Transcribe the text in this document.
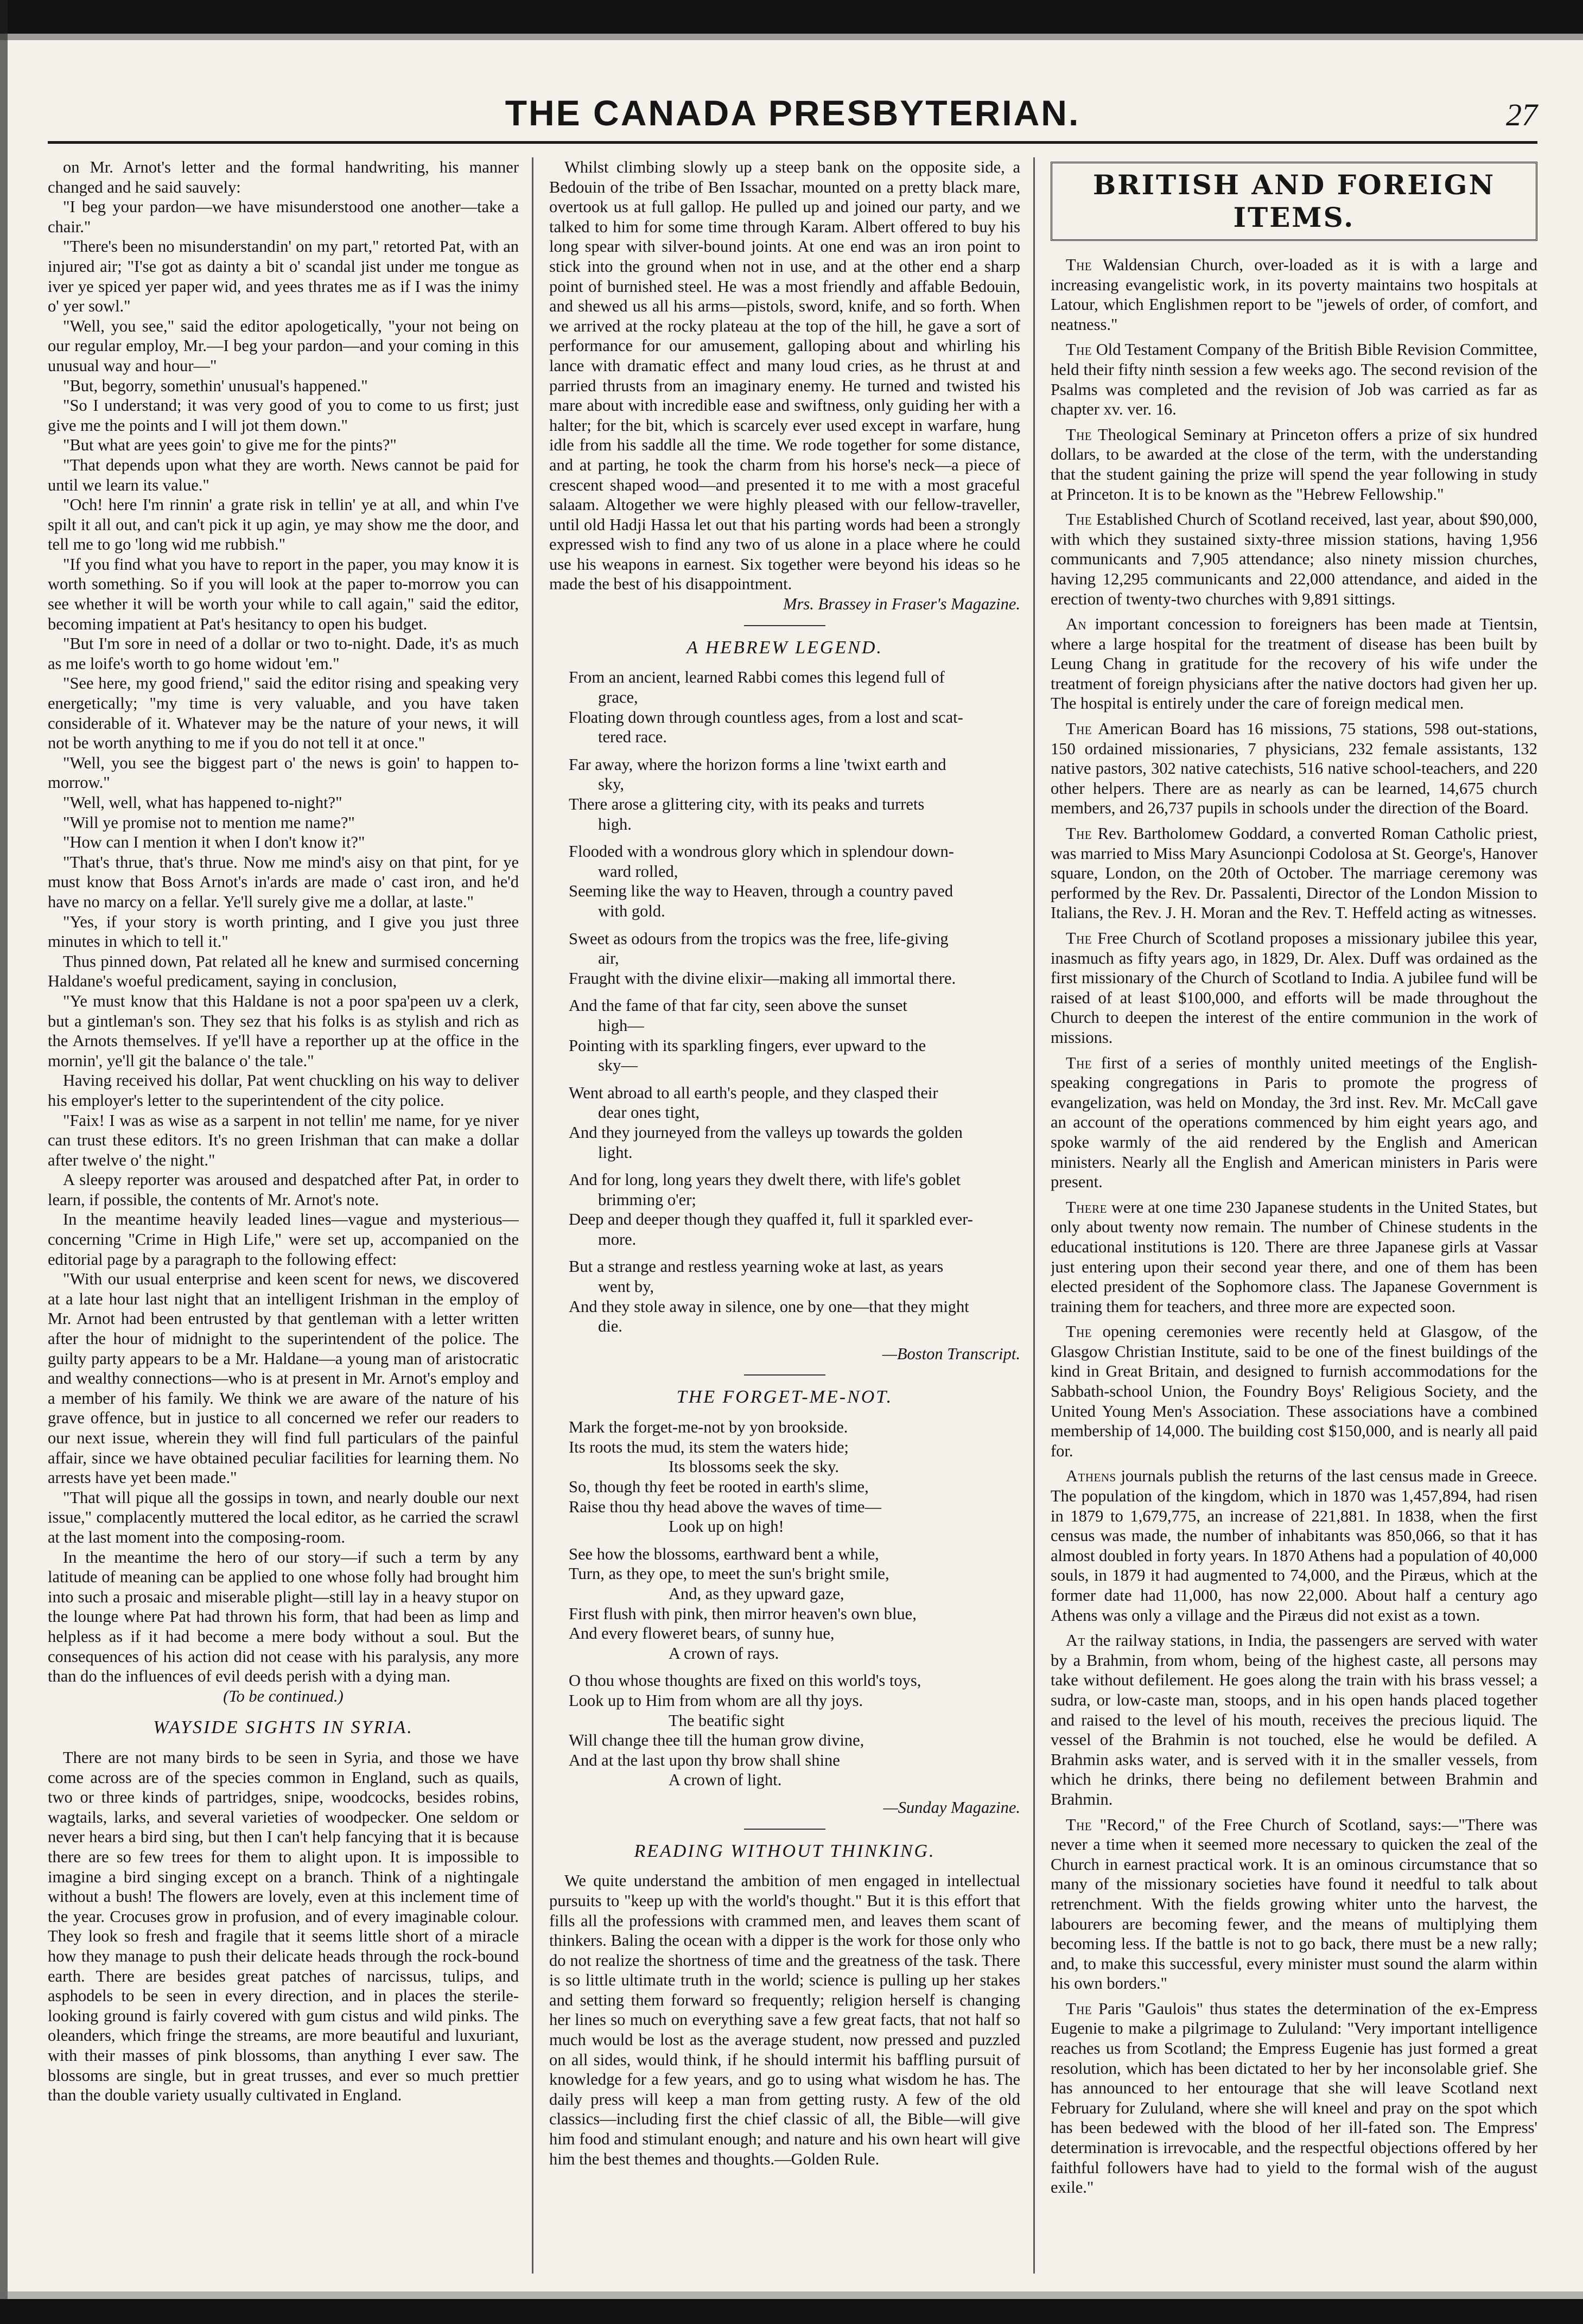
THE CANADA PRESBYTERIAN.	27

on Mr. Arnot's letter and the formal handwriting, his manner changed and he said sauvely:

"I beg your pardon—we have misunderstood one another—take a chair."

"There's been no misunderstandin' on my part," retorted Pat, with an injured air; "I'se got as dainty a bit o' scandal jist under me tongue as iver ye spiced yer paper wid, and yees thrates me as if I was the inimy o' yer sowl."

"Well, you see," said the editor apologetically, "your not being on our regular employ, Mr.—I beg your pardon—and your coming in this unusual way and hour—"

"But, begorry, somethin' unusual's happened."

"So I understand; it was very good of you to come to us first; just give me the points and I will jot them down."

"But what are yees goin' to give me for the pints?"

"That depends upon what they are worth. News cannot be paid for until we learn its value."

"Och! here I'm rinnin' a grate risk in tellin' ye at all, and whin I've spilt it all out, and can't pick it up agin, ye may show me the door, and tell me to go 'long wid me rubbish."

"If you find what you have to report in the paper, you may know it is worth something. So if you will look at the paper to-morrow you can see whether it will be worth your while to call again," said the editor, becoming impatient at Pat's hesitancy to open his budget.

"But I'm sore in need of a dollar or two to-night. Dade, it's as much as me loife's worth to go home widout 'em."

"See here, my good friend," said the editor rising and speaking very energetically; "my time is very valuable, and you have taken considerable of it. Whatever may be the nature of your news, it will not be worth anything to me if you do not tell it at once."

"Well, you see the biggest part o' the news is goin' to happen to-morrow."

"Well, well, what has happened to-night?"

"Will ye promise not to mention me name?"

"How can I mention it when I don't know it?"

"That's thrue, that's thrue. Now me mind's aisy on that pint, for ye must know that Boss Arnot's in'ards are made o' cast iron, and he'd have no marcy on a fellar. Ye'll surely give me a dollar, at laste."

"Yes, if your story is worth printing, and I give you just three minutes in which to tell it."

Thus pinned down, Pat related all he knew and surmised concerning Haldane's woeful predicament, saying in conclusion,

"Ye must know that this Haldane is not a poor spa'peen uv a clerk, but a gintleman's son. They sez that his folks is as stylish and rich as the Arnots themselves. If ye'll have a reporther up at the office in the mornin', ye'll git the balance o' the tale."

Having received his dollar, Pat went chuckling on his way to deliver his employer's letter to the superintendent of the city police.

"Faix! I was as wise as a sarpent in not tellin' me name, for ye niver can trust these editors. It's no green Irishman that can make a dollar after twelve o' the night."

A sleepy reporter was aroused and despatched after Pat, in order to learn, if possible, the contents of Mr. Arnot's note.

In the meantime heavily leaded lines—vague and mysterious—concerning "Crime in High Life," were set up, accompanied on the editorial page by a paragraph to the following effect:

"With our usual enterprise and keen scent for news, we discovered at a late hour last night that an intelligent Irishman in the employ of Mr. Arnot had been entrusted by that gentleman with a letter written after the hour of midnight to the superintendent of the police. The guilty party appears to be a Mr. Haldane—a young man of aristocratic and wealthy connections—who is at present in Mr. Arnot's employ and a member of his family. We think we are aware of the nature of his grave offence, but in justice to all concerned we refer our readers to our next issue, wherein they will find full particulars of the painful affair, since we have obtained peculiar facilities for learning them. No arrests have yet been made."

"That will pique all the gossips in town, and nearly double our next issue," complacently muttered the local editor, as he carried the scrawl at the last moment into the composing-room.

In the meantime the hero of our story—if such a term by any latitude of meaning can be applied to one whose folly had brought him into such a prosaic and miserable plight—still lay in a heavy stupor on the lounge where Pat had thrown his form, that had been as limp and helpless as if it had become a mere body without a soul. But the consequences of his action did not cease with his paralysis, any more than do the influences of evil deeds perish with a dying man.

(To be continued.)

WAYSIDE SIGHTS IN SYRIA.

There are not many birds to be seen in Syria, and those we have come across are of the species common in England, such as quails, two or three kinds of partridges, snipe, woodcocks, besides robins, wagtails, larks, and several varieties of woodpecker. One seldom or never hears a bird sing, but then I can't help fancying that it is because there are so few trees for them to alight upon. It is impossible to imagine a bird singing except on a branch. Think of a nightingale without a bush! The flowers are lovely, even at this inclement time of the year. Crocuses grow in profusion, and of every imaginable colour. They look so fresh and fragile that it seems little short of a miracle how they manage to push their delicate heads through the rock-bound earth. There are besides great patches of narcissus, tulips, and asphodels to be seen in every direction, and in places the sterile-looking ground is fairly covered with gum cistus and wild pinks. The oleanders, which fringe the streams, are more beautiful and luxuriant, with their masses of pink blossoms, than anything I ever saw. The blossoms are single, but in great trusses, and ever so much prettier than the double variety usually cultivated in England.

Whilst climbing slowly up a steep bank on the opposite side, a Bedouin of the tribe of Ben Issachar, mounted on a pretty black mare, overtook us at full gallop. He pulled up and joined our party, and we talked to him for some time through Karam. Albert offered to buy his long spear with silver-bound joints. At one end was an iron point to stick into the ground when not in use, and at the other end a sharp point of burnished steel. He was a most friendly and affable Bedouin, and shewed us all his arms—pistols, sword, knife, and so forth. When we arrived at the rocky plateau at the top of the hill, he gave a sort of performance for our amusement, galloping about and whirling his lance with dramatic effect and many loud cries, as he thrust at and parried thrusts from an imaginary enemy. He turned and twisted his mare about with incredible ease and swiftness, only guiding her with a halter; for the bit, which is scarcely ever used except in warfare, hung idle from his saddle all the time. We rode together for some distance, and at parting, he took the charm from his horse's neck—a piece of crescent shaped wood—and presented it to me with a most graceful salaam. Altogether we were highly pleased with our fellow-traveller, until old Hadji Hassa let out that his parting words had been a strongly expressed wish to find any two of us alone in a place where he could use his weapons in earnest. Six together were beyond his ideas so he made the best of his disappointment.

Mrs. Brassey in Fraser's Magazine.

A HEBREW LEGEND.

From an ancient, learned Rabbi comes this legend full of

grace,

Floating down through countless ages, from a lost and scat-

tered race.

Far away, where the horizon forms a line 'twixt earth and

sky,

There arose a glittering city, with its peaks and turrets

high.

Flooded with a wondrous glory which in splendour down-

ward rolled,

Seeming like the way to Heaven, through a country paved

with gold.

Sweet as odours from the tropics was the free, life-giving

air,

Fraught with the divine elixir—making all immortal there.

And the fame of that far city, seen above the sunset

high—

Pointing with its sparkling fingers, ever upward to the

sky—

Went abroad to all earth's people, and they clasped their

dear ones tight,

And they journeyed from the valleys up towards the golden

light.

And for long, long years they dwelt there, with life's goblet

brimming o'er;

Deep and deeper though they quaffed it, full it sparkled ever-

more.

But a strange and restless yearning woke at last, as years

went by,

And they stole away in silence, one by one—that they might

die.

—Boston Transcript.

THE FORGET-ME-NOT.

Mark the forget-me-not by yon brookside.

Its roots the mud, its stem the waters hide;

Its blossoms seek the sky.

So, though thy feet be rooted in earth's slime,

Raise thou thy head above the waves of time—

Look up on high!

See how the blossoms, earthward bent a while,

Turn, as they ope, to meet the sun's bright smile,

And, as they upward gaze,

First flush with pink, then mirror heaven's own blue,

And every floweret bears, of sunny hue,

A crown of rays.

O thou whose thoughts are fixed on this world's toys,

Look up to Him from whom are all thy joys.

The beatific sight

Will change thee till the human grow divine,

And at the last upon thy brow shall shine

A crown of light.

—Sunday Magazine.

READING WITHOUT THINKING.

We quite understand the ambition of men engaged in intellectual pursuits to "keep up with the world's thought." But it is this effort that fills all the professions with crammed men, and leaves them scant of thinkers. Baling the ocean with a dipper is the work for those only who do not realize the shortness of time and the greatness of the task. There is so little ultimate truth in the world; science is pulling up her stakes and setting them forward so frequently; religion herself is changing her lines so much on everything save a few great facts, that not half so much would be lost as the average student, now pressed and puzzled on all sides, would think, if he should intermit his baffling pursuit of knowledge for a few years, and go to using what wisdom he has. The daily press will keep a man from getting rusty. A few of the old classics—including first the chief classic of all, the Bible—will give him food and stimulant enough; and nature and his own heart will give him the best themes and thoughts.—Golden Rule.

BRITISH AND FOREIGN ITEMS.

The Waldensian Church, over-loaded as it is with a large and increasing evangelistic work, in its poverty maintains two hospitals at Latour, which Englishmen report to be "jewels of order, of comfort, and neatness."

The Old Testament Company of the British Bible Revision Committee, held their fifty ninth session a few weeks ago. The second revision of the Psalms was completed and the revision of Job was carried as far as chapter xv. ver. 16.

The Theological Seminary at Princeton offers a prize of six hundred dollars, to be awarded at the close of the term, with the understanding that the student gaining the prize will spend the year following in study at Princeton. It is to be known as the "Hebrew Fellowship."

The Established Church of Scotland received, last year, about $90,000, with which they sustained sixty-three mission stations, having 1,956 communicants and 7,905 attendance; also ninety mission churches, having 12,295 communicants and 22,000 attendance, and aided in the erection of twenty-two churches with 9,891 sittings.

An important concession to foreigners has been made at Tientsin, where a large hospital for the treatment of disease has been built by Leung Chang in gratitude for the recovery of his wife under the treatment of foreign physicians after the native doctors had given her up. The hospital is entirely under the care of foreign medical men.

The American Board has 16 missions, 75 stations, 598 out-stations, 150 ordained missionaries, 7 physicians, 232 female assistants, 132 native pastors, 302 native catechists, 516 native school-teachers, and 220 other helpers. There are as nearly as can be learned, 14,675 church members, and 26,737 pupils in schools under the direction of the Board.

The Rev. Bartholomew Goddard, a converted Roman Catholic priest, was married to Miss Mary Asuncionpi Codolosa at St. George's, Hanover square, London, on the 20th of October. The marriage ceremony was performed by the Rev. Dr. Passalenti, Director of the London Mission to Italians, the Rev. J. H. Moran and the Rev. T. Heffeld acting as witnesses.

The Free Church of Scotland proposes a missionary jubilee this year, inasmuch as fifty years ago, in 1829, Dr. Alex. Duff was ordained as the first missionary of the Church of Scotland to India. A jubilee fund will be raised of at least $100,000, and efforts will be made throughout the Church to deepen the interest of the entire communion in the work of missions.

The first of a series of monthly united meetings of the English-speaking congregations in Paris to promote the progress of evangelization, was held on Monday, the 3rd inst. Rev. Mr. McCall gave an account of the operations commenced by him eight years ago, and spoke warmly of the aid rendered by the English and American ministers. Nearly all the English and American ministers in Paris were present.

There were at one time 230 Japanese students in the United States, but only about twenty now remain. The number of Chinese students in the educational institutions is 120. There are three Japanese girls at Vassar just entering upon their second year there, and one of them has been elected president of the Sophomore class. The Japanese Government is training them for teachers, and three more are expected soon.

The opening ceremonies were recently held at Glasgow, of the Glasgow Christian Institute, said to be one of the finest buildings of the kind in Great Britain, and designed to furnish accommodations for the Sabbath-school Union, the Foundry Boys' Religious Society, and the United Young Men's Association. These associations have a combined membership of 14,000. The building cost $150,000, and is nearly all paid for.

Athens journals publish the returns of the last census made in Greece. The population of the kingdom, which in 1870 was 1,457,894, had risen in 1879 to 1,679,775, an increase of 221,881. In 1838, when the first census was made, the number of inhabitants was 850,066, so that it has almost doubled in forty years. In 1870 Athens had a population of 40,000 souls, in 1879 it had augmented to 74,000, and the Piræus, which at the former date had 11,000, has now 22,000. About half a century ago Athens was only a village and the Piræus did not exist as a town.

At the railway stations, in India, the passengers are served with water by a Brahmin, from whom, being of the highest caste, all persons may take without defilement. He goes along the train with his brass vessel; a sudra, or low-caste man, stoops, and in his open hands placed together and raised to the level of his mouth, receives the precious liquid. The vessel of the Brahmin is not touched, else he would be defiled. A Brahmin asks water, and is served with it in the smaller vessels, from which he drinks, there being no defilement between Brahmin and Brahmin.

The "Record," of the Free Church of Scotland, says:—"There was never a time when it seemed more necessary to quicken the zeal of the Church in earnest practical work. It is an ominous circumstance that so many of the missionary societies have found it needful to talk about retrenchment. With the fields growing whiter unto the harvest, the labourers are becoming fewer, and the means of multiplying them becoming less. If the battle is not to go back, there must be a new rally; and, to make this successful, every minister must sound the alarm within his own borders."

The Paris "Gaulois" thus states the determination of the ex-Empress Eugenie to make a pilgrimage to Zululand: "Very important intelligence reaches us from Scotland; the Empress Eugenie has just formed a great resolution, which has been dictated to her by her inconsolable grief. She has announced to her entourage that she will leave Scotland next February for Zululand, where she will kneel and pray on the spot which has been bedewed with the blood of her ill-fated son. The Empress' determination is irrevocable, and the respectful objections offered by her faithful followers have had to yield to the formal wish of the august exile."
